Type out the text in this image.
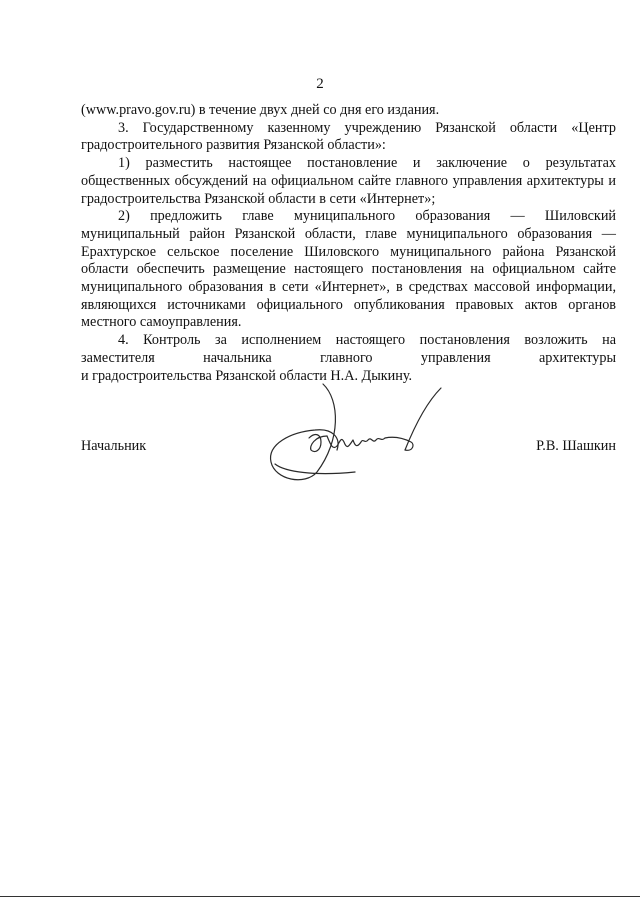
2

(www.pravo.gov.ru) в течение двух дней со дня его издания.

3. Государственному казенному учреждению Рязанской области «Центр градостроительного развития Рязанской области»:

1) разместить настоящее постановление и заключение о результатах общественных обсуждений на официальном сайте главного управления архитектуры и градостроительства Рязанской области в сети «Интернет»;

2) предложить главе муниципального образования — Шиловский муниципальный район Рязанской области, главе муниципального образования — Ерахтурское сельское поселение Шиловского муниципального района Рязанской области обеспечить размещение настоящего постановления на официальном сайте муниципального образования в сети «Интернет», в средствах массовой информации, являющихся источниками официального опубликования правовых актов органов местного самоуправления.

4. Контроль за исполнением настоящего постановления возложить на заместителя начальника главного управления архитектуры

и градостроительства Рязанской области Н.А. Дыкину.

Начальник	Р.В. Шашкин
